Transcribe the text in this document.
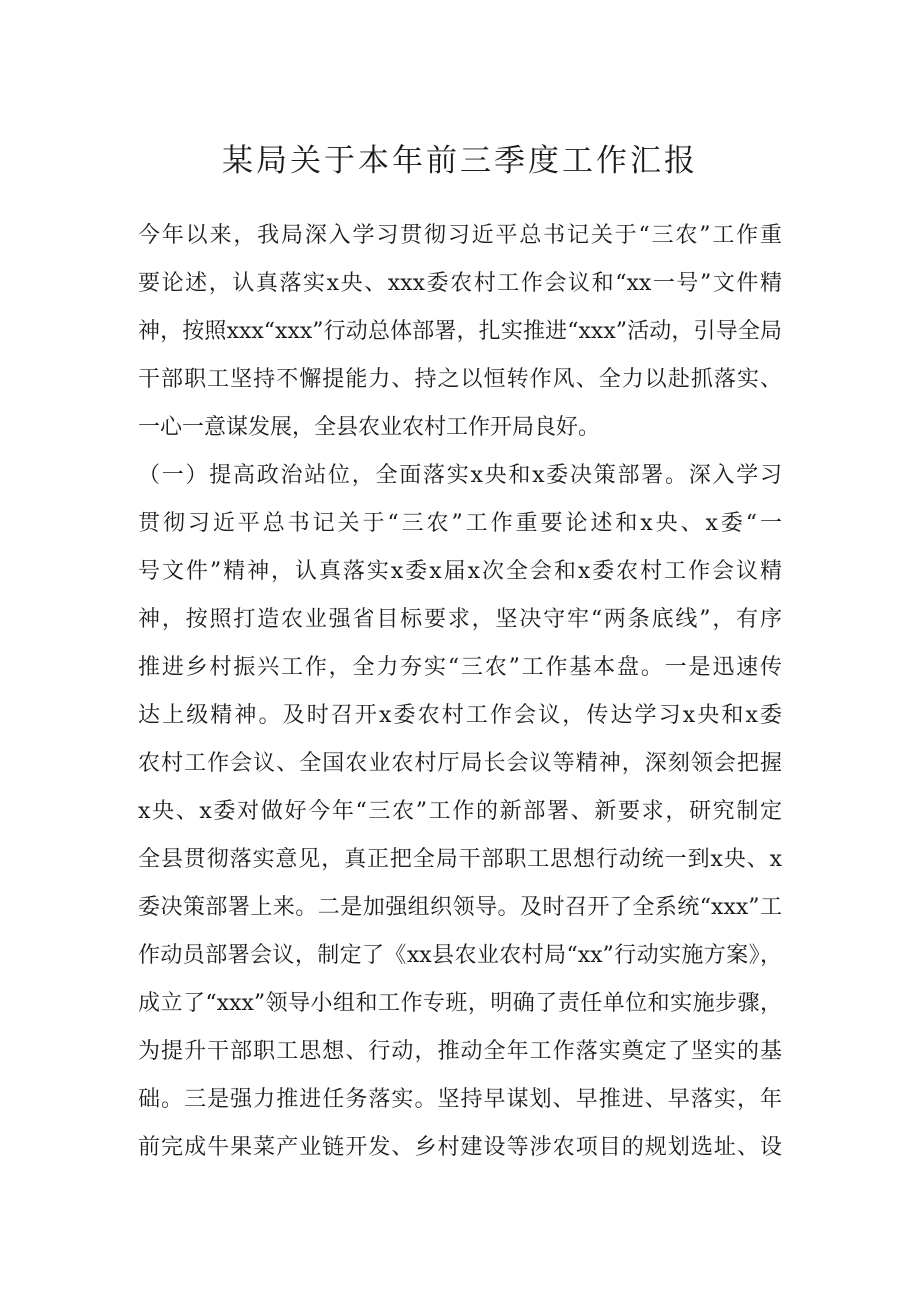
某局关于本年前三季度工作汇报
今年以来，我局深入学习贯彻习近平总书记关于“三农”工作重
要论述，认真落实x央、xxx委农村工作会议和“xx一号”文件精
神，按照xxx“xxx”行动总体部署，扎实推进“xxx”活动，引导全局
干部职工坚持不懈提能力、持之以恒转作风、全力以赴抓落实、
一心一意谋发展，全县农业农村工作开局良好。
（一）提高政治站位，全面落实x央和x委决策部署。深入学习
贯彻习近平总书记关于“三农”工作重要论述和x央、x委“一
号文件”精神，认真落实x委x届x次全会和x委农村工作会议精
神，按照打造农业强省目标要求，坚决守牢“两条底线”，有序
推进乡村振兴工作，全力夯实“三农”工作基本盘。一是迅速传
达上级精神。及时召开x委农村工作会议，传达学习x央和x委
农村工作会议、全国农业农村厅局长会议等精神，深刻领会把握
x央、x委对做好今年“三农”工作的新部署、新要求，研究制定
全县贯彻落实意见，真正把全局干部职工思想行动统一到x央、x
委决策部署上来。二是加强组织领导。及时召开了全系统“xxx”工
作动员部署会议，制定了《xx县农业农村局“xx”行动实施方案》，
成立了“xxx”领导小组和工作专班，明确了责任单位和实施步骤，
为提升干部职工思想、行动，推动全年工作落实奠定了坚实的基
础。三是强力推进任务落实。坚持早谋划、早推进、早落实，年
前完成牛果菜产业链开发、乡村建设等涉农项目的规划选址、设
